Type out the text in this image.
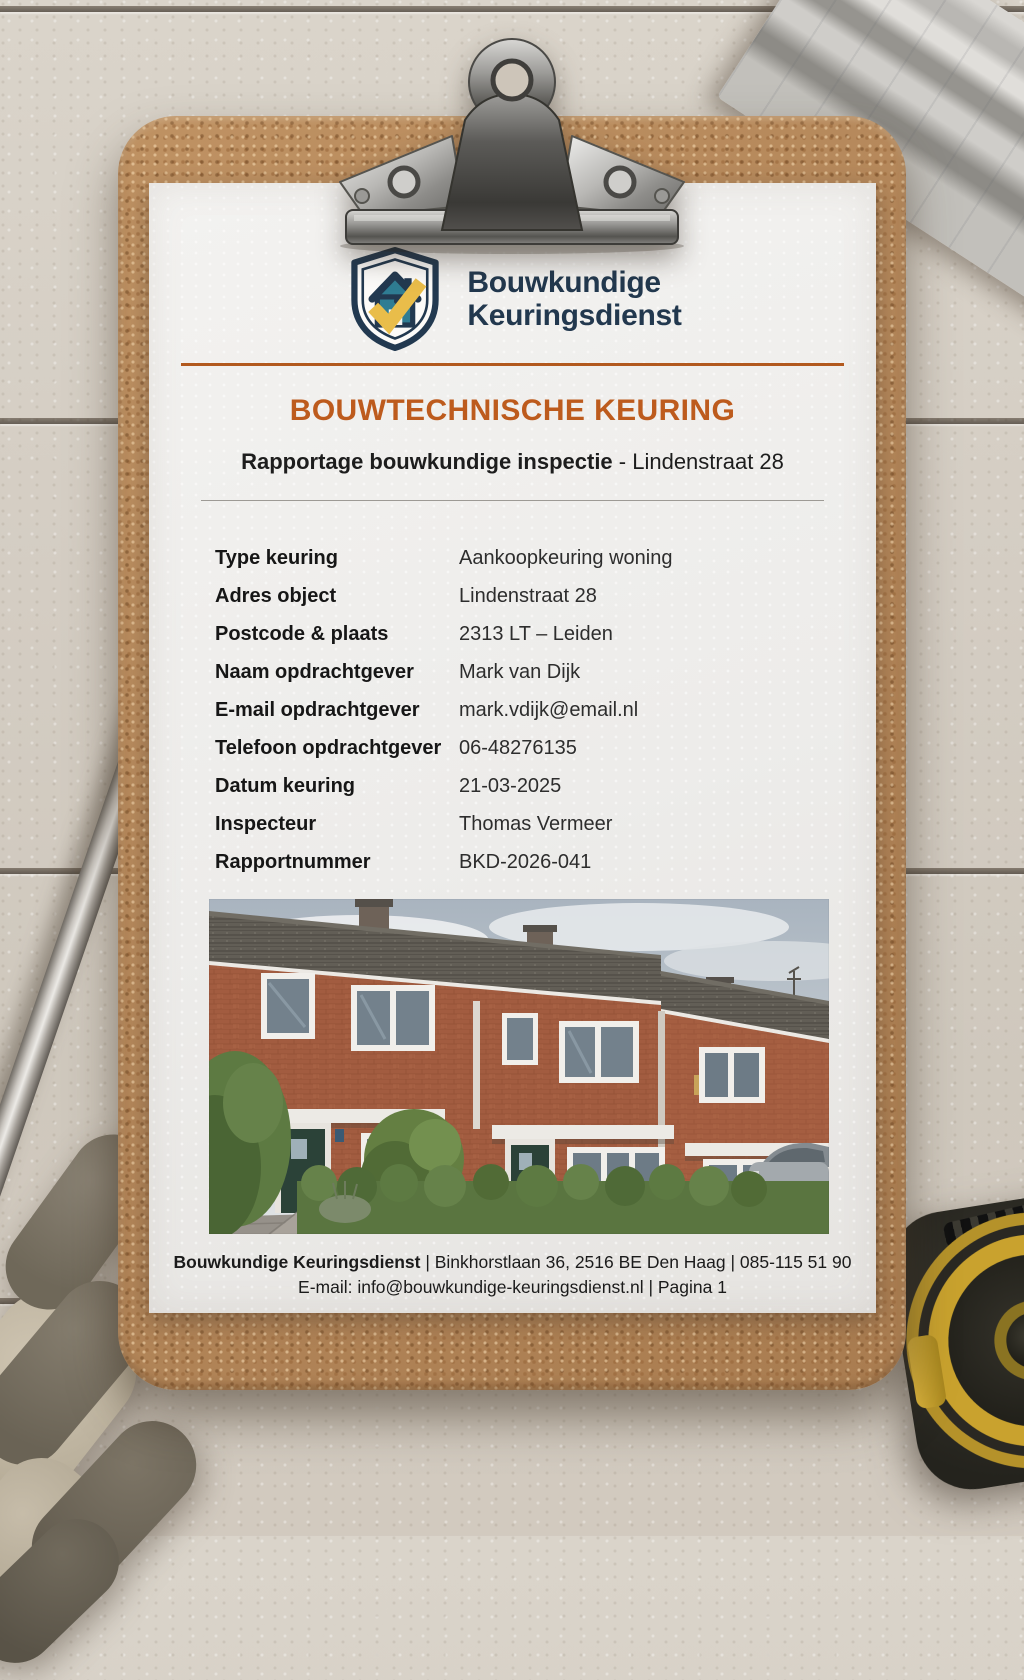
Bouwkundige
Keuringsdienst
BOUWTECHNISCHE KEURING
Rapportage bouwkundige inspectie - Lindenstraat 28
Type keuring	Aankoopkeuring woning
Adres object	Lindenstraat 28
Postcode & plaats	2313 LT – Leiden
Naam opdrachtgever	Mark van Dijk
E-mail opdrachtgever	mark.vdijk@email.nl
Telefoon opdrachtgever 06-48276135
Datum keuring	21-03-2025
Inspecteur	Thomas Vermeer
Rapportnummer	BKD-2026-041
Bouwkundige Keuringsdienst | Binkhorstlaan 36, 2516 BE Den Haag | 085-115 51 90
E-mail: info@bouwkundige-keuringsdienst.nl | Pagina 1
